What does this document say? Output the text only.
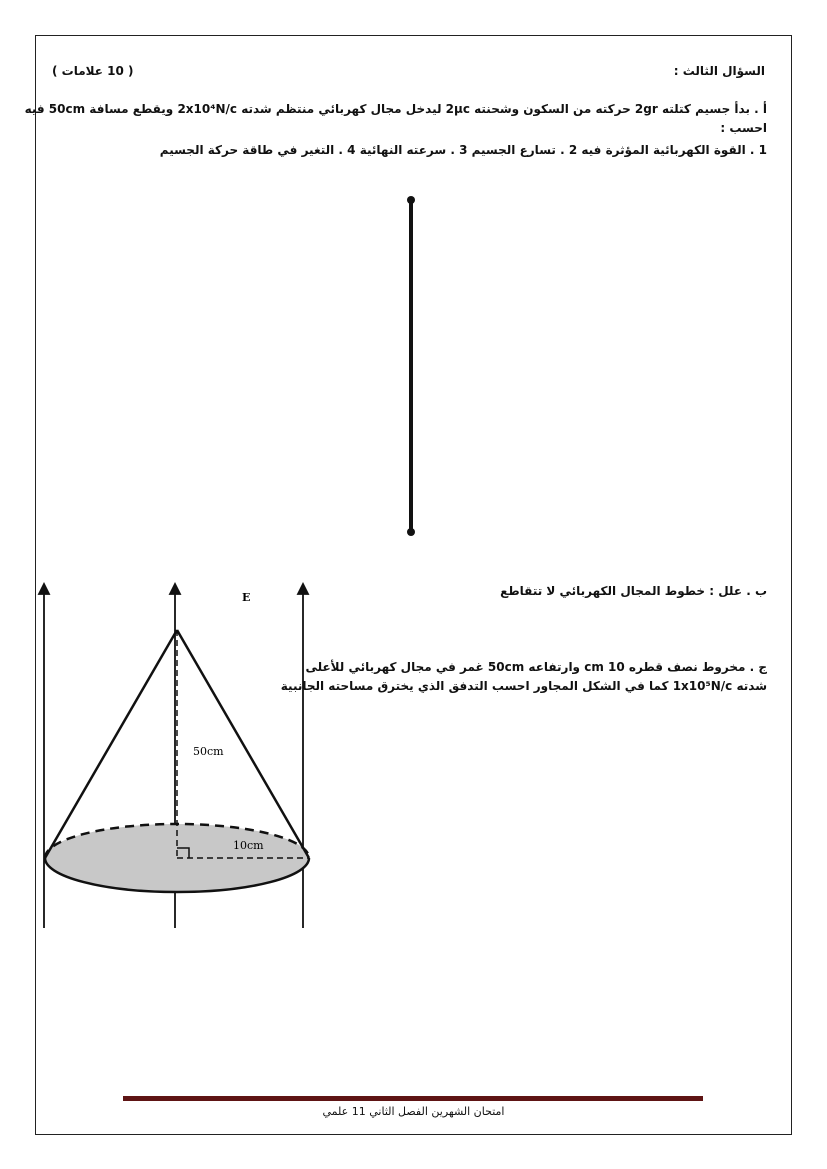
السؤال الثالث :
( 10 علامات )
أ . بدأ جسيم كتلته 2gr حركته من السكون وشحنته 2μc ليدخل مجال كهربائي منتظم شدته 2x10⁴N/c ويقطع مسافة 50cm فيه
احسب :
1 . القوة الكهربائية المؤثرة فيه 2 . تسارع الجسيم 3 . سرعته النهائية 4 . التغير في طاقة حركة الجسيم
ب . علل : خطوط المجال الكهربائي لا تتقاطع
ج . مخروط نصف قطره 10 cm وارتفاعه 50cm غمر في مجال كهربائي للأعلى
شدته 1x10⁵N/c كما في الشكل المجاور احسب التدفق الذي يخترق مساحته الجانبية
E
50cm
10cm
امتحان الشهرين الفصل الثاني 11 علمي
